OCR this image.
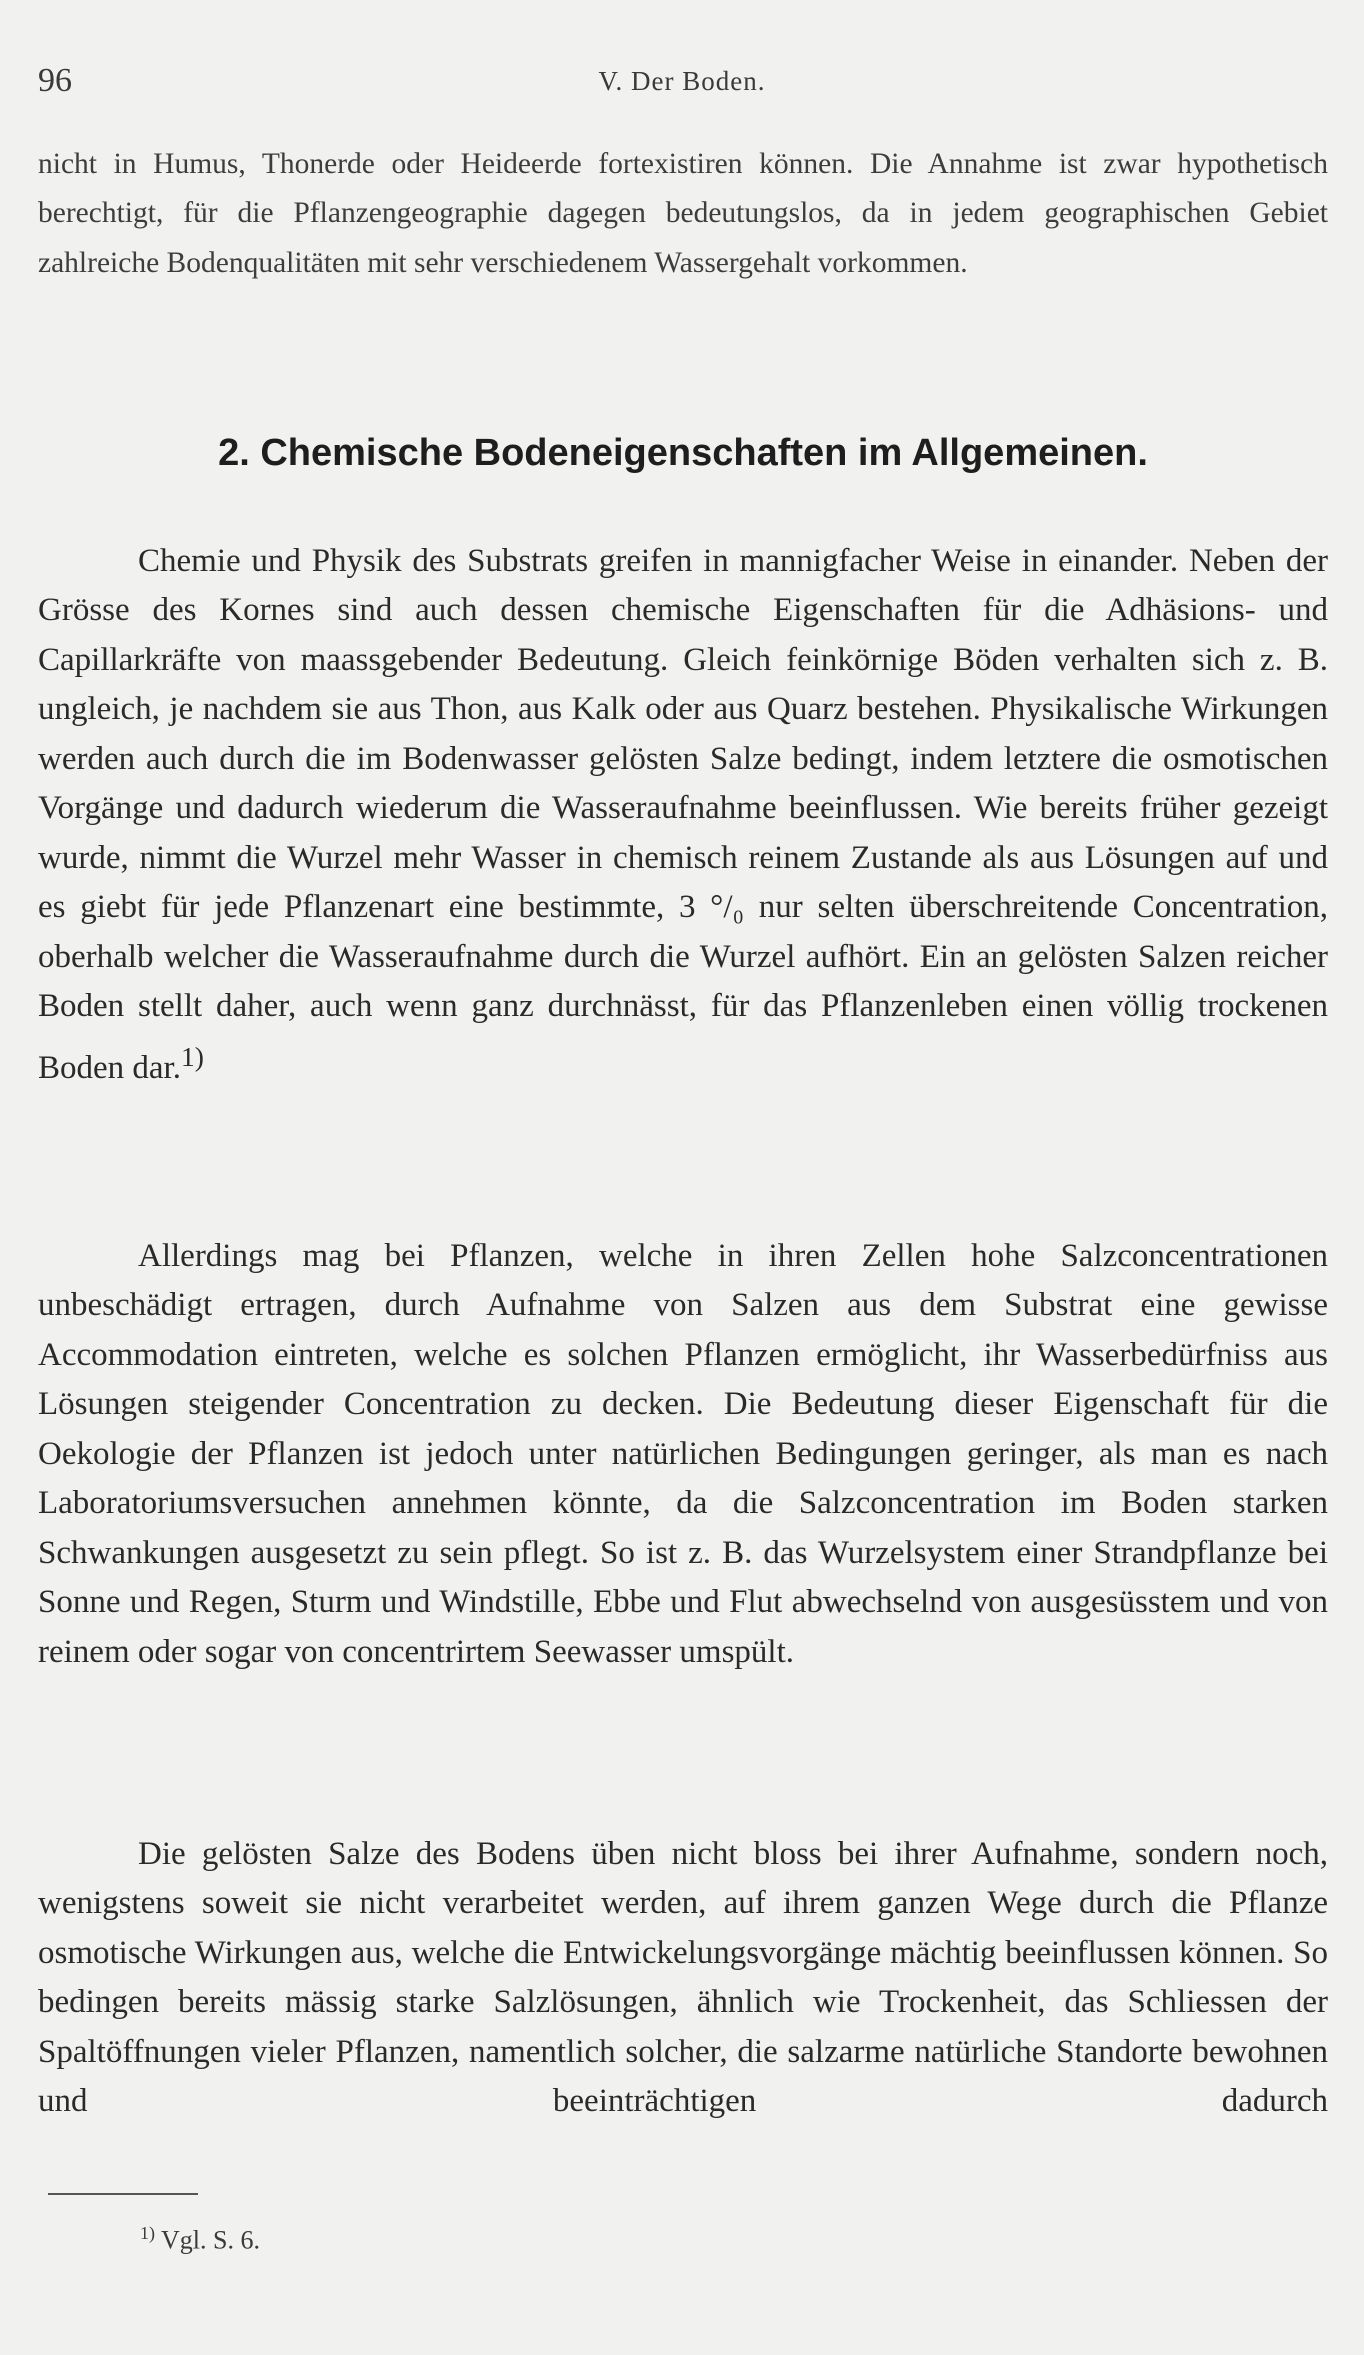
96	V. Der Boden.
nicht in Humus, Thonerde oder Heideerde fortexistiren können. Die Annahme ist zwar hypothetisch berechtigt, für die Pflanzengeographie dagegen bedeutungslos, da in jedem geographischen Gebiet zahlreiche Bodenqualitäten mit sehr verschiedenem Wassergehalt vorkommen.
2. Chemische Bodeneigenschaften im Allgemeinen.
Chemie und Physik des Substrats greifen in mannigfacher Weise in einander. Neben der Grösse des Kornes sind auch dessen chemische Eigenschaften für die Adhäsions- und Capillarkräfte von maassgebender Bedeutung. Gleich feinkörnige Böden verhalten sich z. B. ungleich, je nachdem sie aus Thon, aus Kalk oder aus Quarz bestehen. Physikalische Wirkungen werden auch durch die im Bodenwasser gelösten Salze bedingt, indem letztere die osmotischen Vorgänge und dadurch wiederum die Wasseraufnahme beeinflussen. Wie bereits früher gezeigt wurde, nimmt die Wurzel mehr Wasser in chemisch reinem Zustande als aus Lösungen auf und es giebt für jede Pflanzenart eine bestimmte, 3 °/₀ nur selten überschreitende Concentration, oberhalb welcher die Wasseraufnahme durch die Wurzel aufhört. Ein an gelösten Salzen reicher Boden stellt daher, auch wenn ganz durchnässt, für das Pflanzenleben einen völlig trockenen Boden dar.$^{1)}$
Allerdings mag bei Pflanzen, welche in ihren Zellen hohe Salzconcentrationen unbeschädigt ertragen, durch Aufnahme von Salzen aus dem Substrat eine gewisse Accommodation eintreten, welche es solchen Pflanzen ermöglicht, ihr Wasserbedürfniss aus Lösungen steigender Concentration zu decken. Die Bedeutung dieser Eigenschaft für die Oekologie der Pflanzen ist jedoch unter natürlichen Bedingungen geringer, als man es nach Laboratoriumsversuchen annehmen könnte, da die Salzconcentration im Boden starken Schwankungen ausgesetzt zu sein pflegt. So ist z. B. das Wurzelsystem einer Strandpflanze bei Sonne und Regen, Sturm und Windstille, Ebbe und Flut abwechselnd von ausgesüsstem und von reinem oder sogar von concentrirtem Seewasser umspült.
Die gelösten Salze des Bodens üben nicht bloss bei ihrer Aufnahme, sondern noch, wenigstens soweit sie nicht verarbeitet werden, auf ihrem ganzen Wege durch die Pflanze osmotische Wirkungen aus, welche die Entwickelungsvorgänge mächtig beeinflussen können. So bedingen bereits mässig starke Salzlösungen, ähnlich wie Trockenheit, das Schliessen der Spaltöffnungen vieler Pflanzen, namentlich solcher, die salzarme natürliche Standorte bewohnen und beeinträchtigen dadurch
$^{1)}$ Vgl. S. 6.
